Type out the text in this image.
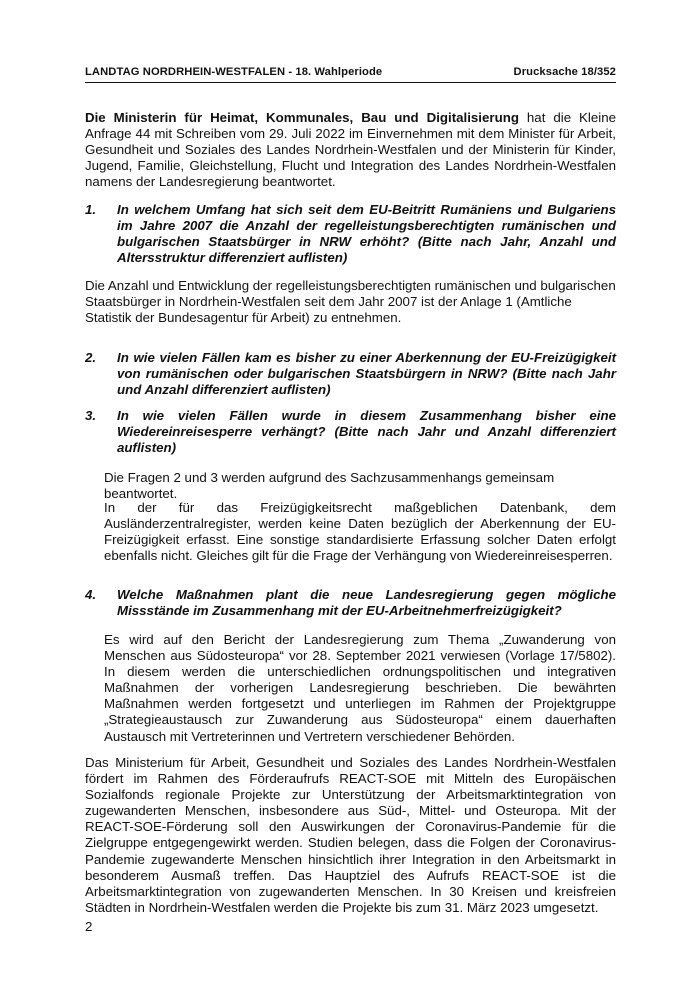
LANDTAG NORDRHEIN-WESTFALEN - 18. Wahlperiode	Drucksache 18/352

Die Ministerin für Heimat, Kommunales, Bau und Digitalisierung hat die Kleine Anfrage 44 mit Schreiben vom 29. Juli 2022 im Einvernehmen mit dem Minister für Arbeit, Gesundheit und Soziales des Landes Nordrhein-Westfalen und der Ministerin für Kinder, Jugend, Familie, Gleichstellung, Flucht und Integration des Landes Nordrhein-Westfalen namens der Landesregierung beantwortet.

1. In welchem Umfang hat sich seit dem EU-Beitritt Rumäniens und Bulgariens im Jahre 2007 die Anzahl der regelleistungsberechtigten rumänischen und bulgarischen Staatsbürger in NRW erhöht? (Bitte nach Jahr, Anzahl und Altersstruktur differenziert auflisten)

Die Anzahl und Entwicklung der regelleistungsberechtigten rumänischen und bulgarischen Staatsbürger in Nordrhein-Westfalen seit dem Jahr 2007 ist der Anlage 1 (Amtliche Statistik der Bundesagentur für Arbeit) zu entnehmen.

2. In wie vielen Fällen kam es bisher zu einer Aberkennung der EU-Freizügigkeit von rumänischen oder bulgarischen Staatsbürgern in NRW? (Bitte nach Jahr und Anzahl differenziert auflisten)
3. In wie vielen Fällen wurde in diesem Zusammenhang bisher eine Wiedereinreisesperre verhängt? (Bitte nach Jahr und Anzahl differenziert auflisten)

Die Fragen 2 und 3 werden aufgrund des Sachzusammenhangs gemeinsam beantwortet.

In der für das Freizügigkeitsrecht maßgeblichen Datenbank, dem Ausländerzentralregister, werden keine Daten bezüglich der Aberkennung der EU-Freizügigkeit erfasst. Eine sonstige standardisierte Erfassung solcher Daten erfolgt ebenfalls nicht. Gleiches gilt für die Frage der Verhängung von Wiedereinreisesperren.

4. Welche Maßnahmen plant die neue Landesregierung gegen mögliche Missstände im Zusammenhang mit der EU-Arbeitnehmerfreizügigkeit?

Es wird auf den Bericht der Landesregierung zum Thema „Zuwanderung von Menschen aus Südosteuropa“ vor 28. September 2021 verwiesen (Vorlage 17/5802). In diesem werden die unterschiedlichen ordnungspolitischen und integrativen Maßnahmen der vorherigen Landesregierung beschrieben. Die bewährten Maßnahmen werden fortgesetzt und unterliegen im Rahmen der Projektgruppe „Strategieaustausch zur Zuwanderung aus Südosteuropa“ einem dauerhaften Austausch mit Vertreterinnen und Vertretern verschiedener Behörden.

Das Ministerium für Arbeit, Gesundheit und Soziales des Landes Nordrhein-Westfalen fördert im Rahmen des Förderaufrufs REACT-SOE mit Mitteln des Europäischen Sozialfonds regionale Projekte zur Unterstützung der Arbeitsmarktintegration von zugewanderten Menschen, insbesondere aus Süd-, Mittel- und Osteuropa. Mit der REACT-SOE-Förderung soll den Auswirkungen der Coronavirus-Pandemie für die Zielgruppe entgegengewirkt werden. Studien belegen, dass die Folgen der Coronavirus-Pandemie zugewanderte Menschen hinsichtlich ihrer Integration in den Arbeitsmarkt in besonderem Ausmaß treffen. Das Hauptziel des Aufrufs REACT-SOE ist die Arbeitsmarktintegration von zugewanderten Menschen. In 30 Kreisen und kreisfreien Städten in Nordrhein-Westfalen werden die Projekte bis zum 31. März 2023 umgesetzt.

2
